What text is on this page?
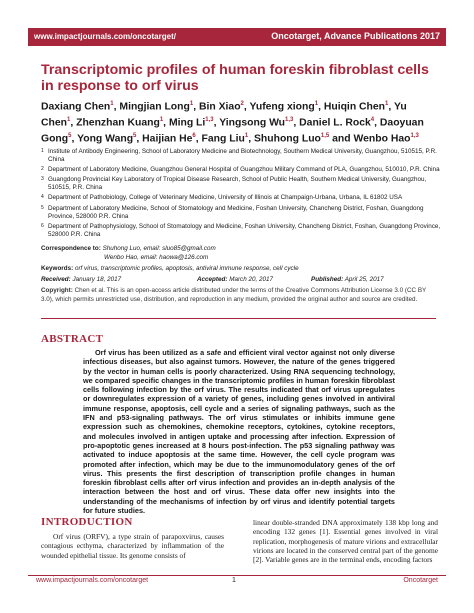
www.impactjournals.com/oncotarget/	Oncotarget, Advance Publications 2017
Transcriptomic profiles of human foreskin fibroblast cells in response to orf virus
Daxiang Chen$^1$, Mingjian Long$^1$, Bin Xiao$^2$, Yufeng xiong$^1$, Huiqin Chen$^1$, Yu Chen$^1$, Zhenzhan Kuang$^1$, Ming Li$^{1,3}$, Yingsong Wu$^{1,3}$, Daniel L. Rock$^4$, Daoyuan Gong$^5$, Yong Wang$^5$, Haijian He$^6$, Fang Liu$^1$, Shuhong Luo$^{1,5}$ and Wenbo Hao$^{1,3}$
1 Institute of Antibody Engineering, School of Laboratory Medicine and Biotechnology, Southern Medical University, Guangzhou, 510515, P.R. China
2 Department of Laboratory Medicine, Guangzhou General Hospital of Guangzhou Military Command of PLA, Guangzhou, 510010, P.R. China
3 Guangdong Provincial Key Laboratory of Tropical Disease Research, School of Public Health, Southern Medical University, Guangzhou, 510515, P.R. China
4 Department of Pathobiology, College of Veterinary Medicine, University of Illinois at Champaign-Urbana, Urbana, IL 61802 USA
5 Department of Laboratory Medicine, School of Stomatology and Medicine, Foshan University, Chancheng District, Foshan, Guangdong Province, 528000 P.R. China
6 Department of Pathophysiology, School of Stomatology and Medicine, Foshan University, Chancheng District, Foshan, Guangdong Province, 528000 P.R. China
Correspondence to: Shuhong Luo, email: sluo85@gmail.com
Wenbo Hao, email: haowa@126.com
Keywords: orf virus, transcriptomic profiles, apoptosis, antiviral immune response, cell cycle
Received: January 18, 2017	Accepted: March 20, 2017	Published: April 25, 2017
Copyright: Chen et al. This is an open-access article distributed under the terms of the Creative Commons Attribution License 3.0 (CC BY 3.0), which permits unrestricted use, distribution, and reproduction in any medium, provided the original author and source are credited.
ABSTRACT
Orf virus has been utilized as a safe and efficient viral vector against not only diverse infectious diseases, but also against tumors. However, the nature of the genes triggered by the vector in human cells is poorly characterized. Using RNA sequencing technology, we compared specific changes in the transcriptomic profiles in human foreskin fibroblast cells following infection by the orf virus. The results indicated that orf virus upregulates or downregulates expression of a variety of genes, including genes involved in antiviral immune response, apoptosis, cell cycle and a series of signaling pathways, such as the IFN and p53-signaling pathways. The orf virus stimulates or inhibits immune gene expression such as chemokines, chemokine receptors, cytokines, cytokine receptors, and molecules involved in antigen uptake and processing after infection. Expression of pro-apoptotic genes increased at 8 hours post-infection. The p53 signaling pathway was activated to induce apoptosis at the same time. However, the cell cycle program was promoted after infection, which may be due to the immunomodulatory genes of the orf virus. This presents the first description of transcription profile changes in human foreskin fibroblast cells after orf virus infection and provides an in-depth analysis of the interaction between the host and orf virus. These data offer new insights into the understanding of the mechanisms of infection by orf virus and identify potential targets for future studies.
INTRODUCTION
Orf virus (ORFV), a type strain of parapoxvirus, causes contagious ecthyma, characterized by inflammation of the wounded epithelial tissue. Its genome consists of
linear double-stranded DNA approximately 138 kbp long and encoding 132 genes [1]. Essential genes involved in viral replication, morphogenesis of mature virions and extracellular virions are located in the conserved central part of the genome [2]. Variable genes are in the terminal ends, encoding factors
www.impactjournals.com/oncotarget	1	Oncotarget
